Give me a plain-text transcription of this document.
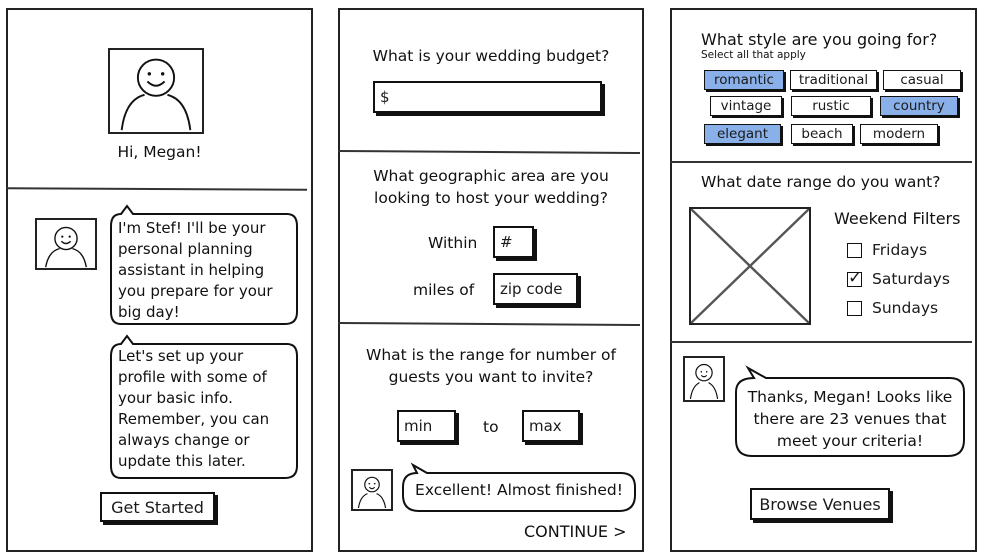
Hi, Megan!
I'm Stef! I'll be your personal planning assistant in helping you prepare for your big day!
Let's set up your profile with some of your basic info. Remember, you can always change or update this later.
Get Started
What is your wedding budget?
$
What geographic area are you looking to host your wedding?
Within	#
miles of	zip code
What is the range for number of guests you want to invite?
min	to	max
Excellent! Almost finished!
CONTINUE >
What style are you going for?
Select all that apply
romantic	traditional	casual
vintage	rustic	country
elegant	beach	modern
What date range do you want?
Weekend Filters
Fridays
✓
Saturdays
Sundays
Thanks, Megan! Looks like there are 23 venues that meet your criteria!
Browse Venues
